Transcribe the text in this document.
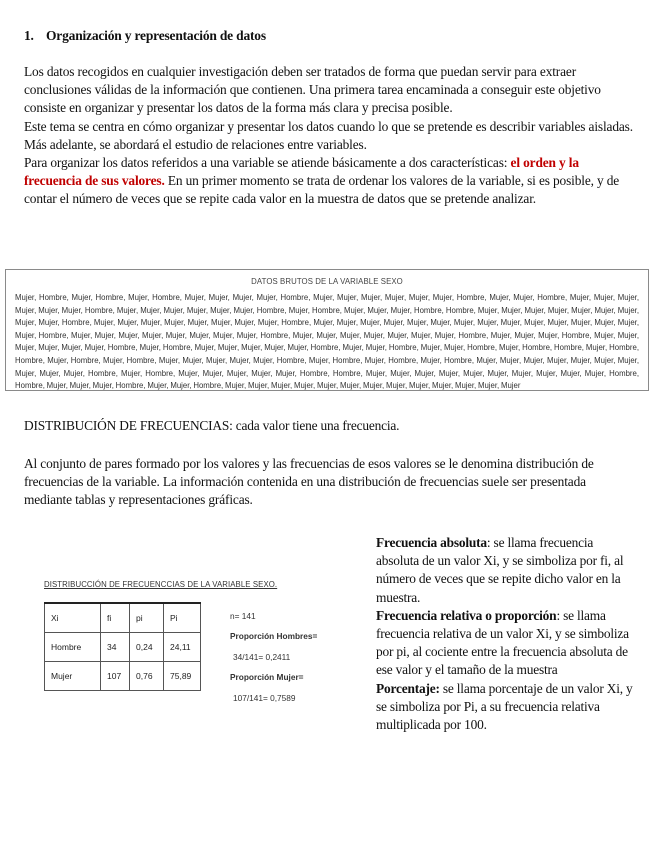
1. Organización y representación de datos

Los datos recogidos en cualquier investigación deben ser tratados de forma que puedan servir para extraer conclusiones válidas de la información que contienen. Una primera tarea encaminada a conseguir este objetivo consiste en organizar y presentar los datos de la forma más clara y precisa posible.

Este tema se centra en cómo organizar y presentar los datos cuando lo que se pretende es describir variables aisladas. Más adelante, se abordará el estudio de relaciones entre variables.

Para organizar los datos referidos a una variable se atiende básicamente a dos características: el orden y la frecuencia de sus valores. En un primer momento se trata de ordenar los valores de la variable, si es posible, y de contar el número de veces que se repite cada valor en la muestra de datos que se pretende analizar.

DATOS BRUTOS DE LA VARIABLE SEXO
Mujer, Hombre, Mujer, Hombre, Mujer, Hombre, Mujer, Mujer, Mujer, Mujer, Hombre, Mujer, Mujer, Mujer, Mujer, Mujer, Mujer, Hombre, Mujer, Mujer, Hombre, Mujer, Mujer, Mujer, Mujer, Mujer, Mujer, Hombre, Mujer, Mujer, Mujer, Mujer, Mujer, Mujer, Hombre, Mujer, Hombre, Mujer, Mujer, Mujer, Hombre, Hombre, Mujer, Mujer, Mujer, Mujer, Mujer, Mujer, Mujer, Mujer, Mujer, Hombre, Mujer, Mujer, Mujer, Mujer, Mujer, Mujer, Mujer, Mujer, Hombre, Mujer, Mujer, Mujer, Mujer, Mujer, Mujer, Mujer, Mujer, Mujer, Mujer, Mujer, Mujer, Mujer, Mujer, Mujer, Hombre, Mujer, Mujer, Mujer, Mujer, Mujer, Mujer, Mujer, Mujer, Hombre, Mujer, Mujer, Mujer, Mujer, Mujer, Mujer, Mujer, Hombre, Mujer, Mujer, Mujer, Hombre, Mujer, Mujer, Mujer, Mujer, Mujer, Mujer, Hombre, Mujer, Hombre, Mujer, Mujer, Mujer, Mujer, Mujer, Hombre, Mujer, Mujer, Hombre, Mujer, Mujer, Hombre, Mujer, Hombre, Hombre, Mujer, Hombre, Hombre, Mujer, Hombre, Mujer, Hombre, Mujer, Mujer, Mujer, Mujer, Mujer, Hombre, Mujer, Hombre, Mujer, Hombre, Mujer, Hombre, Mujer, Mujer, Mujer, Mujer, Mujer, Mujer, Mujer, Mujer, Mujer, Mujer, Hombre, Mujer, Hombre, Mujer, Mujer, Mujer, Mujer, Mujer, Hombre, Hombre, Mujer, Mujer, Mujer, Mujer, Mujer, Mujer, Mujer, Mujer, Mujer, Mujer, Hombre, Hombre, Mujer, Mujer, Mujer, Hombre, Mujer, Mujer, Hombre, Mujer, Mujer, Mujer, Mujer, Mujer, Mujer, Mujer, Mujer, Mujer, Mujer, Mujer, Mujer, Mujer
DISTRIBUCIÓN DE FRECUENCIAS: cada valor tiene una frecuencia.

Al conjunto de pares formado por los valores y las frecuencias de esos valores se le denomina distribución de frecuencias de la variable. La información contenida en una distribución de frecuencias suele ser presentada mediante tablas y representaciones gráficas.

DISTRIBUCCIÓN DE FRECUENCCIAS DE LA VARIABLE SEXO.
Xi	fi	pi	Pi
Hombre	34	0,24	24,11
Mujer	107	0,76	75,89
n= 141
Proporción Hombres=
34/141= 0,2411
Proporción Mujer=
107/141= 0,7589

Frecuencia absoluta: se llama frecuencia absoluta de un valor Xi, y se simboliza por fi, al número de veces que se repite dicho valor en la muestra.
Frecuencia relativa o proporción: se llama frecuencia relativa de un valor Xi, y se simboliza por pi, al cociente entre la frecuencia absoluta de ese valor y el tamaño de la muestra
Porcentaje: se llama porcentaje de un valor Xi, y se simboliza por Pi, a su frecuencia relativa multiplicada por 100.
